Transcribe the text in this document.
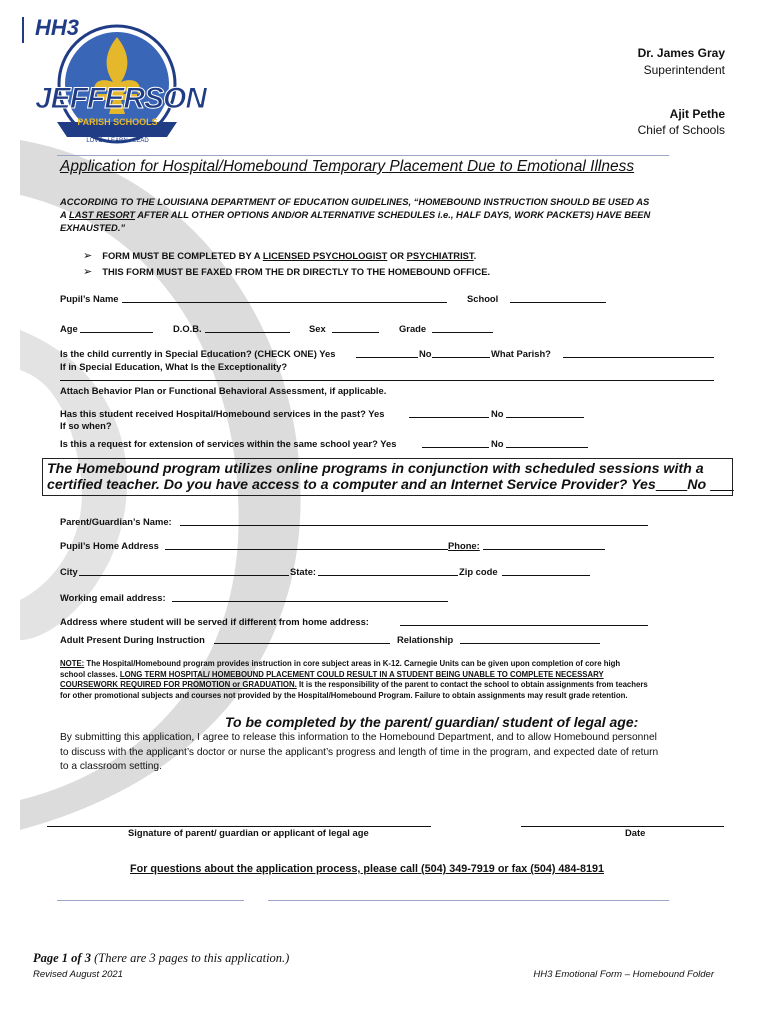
HH3
JEFFERSON
PARISH SCHOOLS
LOVE · LEARN · LEAD
Dr. James Gray
Superintendent
Ajit Pethe
Chief of Schools
Application for Hospital/Homebound Temporary Placement Due to Emotional Illness
ACCORDING TO THE LOUISIANA DEPARTMENT OF EDUCATION GUIDELINES, “HOMEBOUND INSTRUCTION SHOULD BE USED AS
A LAST RESORT AFTER ALL OTHER OPTIONS AND/OR ALTERNATIVE SCHEDULES i.e., HALF DAYS, WORK PACKETS) HAVE BEEN
EXHAUSTED.”
➢ FORM MUST BE COMPLETED BY A LICENSED PSYCHOLOGIST OR PSYCHIATRIST.
➢ THIS FORM MUST BE FAXED FROM THE DR DIRECTLY TO THE HOMEBOUND OFFICE.
Pupil’s Name	School
Age	D.O.B.	Sex	Grade
Is the child currently in Special Education? (CHECK ONE) Yes	No	What Parish?
If in Special Education, What Is the Exceptionality?
Attach Behavior Plan or Functional Behavioral Assessment, if applicable.
Has this student received Hospital/Homebound services in the past? Yes	No
If so when?
Is this a request for extension of services within the same school year? Yes	No
The Homebound program utilizes online programs in conjunction with scheduled sessions with a
certified teacher. Do you have access to a computer and an Internet Service Provider? Yes No
Parent/Guardian’s Name:
Pupil’s Home Address	Phone:
City	State:	Zip code
Working email address:
Address where student will be served if different from home address:
Adult Present During Instruction	Relationship
NOTE: The Hospital/Homebound program provides instruction in core subject areas in K-12. Carnegie Units can be given upon completion of core high
school classes. LONG TERM HOSPITAL/ HOMEBOUND PLACEMENT COULD RESULT IN A STUDENT BEING UNABLE TO COMPLETE NECESSARY
COURSEWORK REQUIRED FOR PROMOTION or GRADUATION. It is the responsibility of the parent to contact the school to obtain assignments from teachers
for other promotional subjects and courses not provided by the Hospital/Homebound Program. Failure to obtain assignments may result grade retention.
To be completed by the parent/ guardian/ student of legal age:
By submitting this application, I agree to release this information to the Homebound Department, and to allow Homebound personnel
to discuss with the applicant’s doctor or nurse the applicant’s progress and length of time in the program, and expected date of return
to a classroom setting.
Signature of parent/ guardian or applicant of legal age	Date
For questions about the application process, please call (504) 349-7919 or fax (504) 484-8191
Page 1 of 3 (There are 3 pages to this application.)
Revised August 2021	HH3 Emotional Form – Homebound Folder
